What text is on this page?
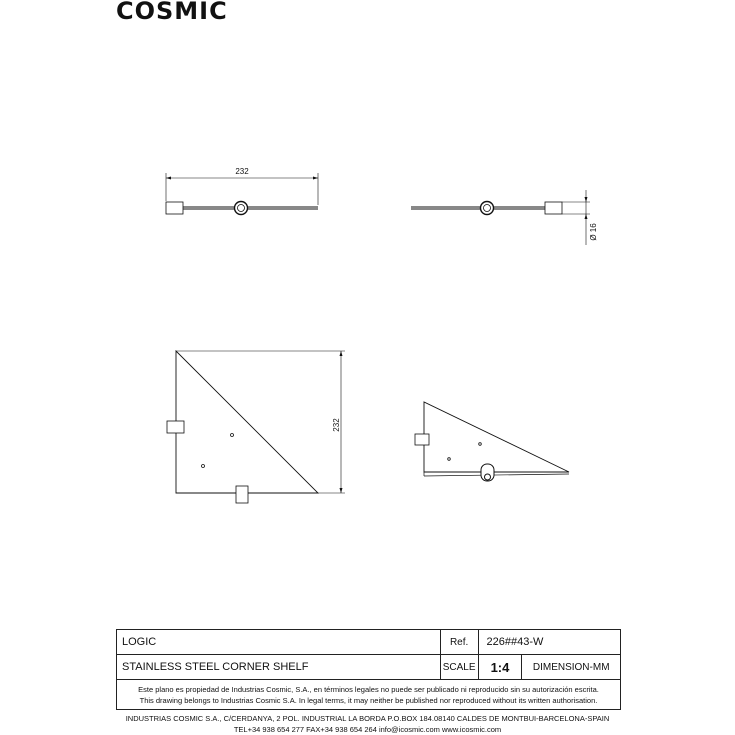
COSMIC
232
Ø 16
232
LOGIC	Ref.	226##43-W
STAINLESS STEEL CORNER SHELF	SCALE	1:4	DIMENSION-MM
Este plano es propiedad de Industrias Cosmic, S.A., en términos legales no puede ser publicado ni reproducido sin su autorización escrita.
This drawing belongs to Industrias Cosmic S.A. In legal terms, it may neither be published nor reproduced without its written authorisation.
INDUSTRIAS COSMIC S.A., C/CERDANYA, 2 POL. INDUSTRIAL LA BORDA P.O.BOX 184.08140 CALDES DE MONTBUI-BARCELONA-SPAIN
TEL+34 938 654 277 FAX+34 938 654 264 info@icosmic.com www.icosmic.com
